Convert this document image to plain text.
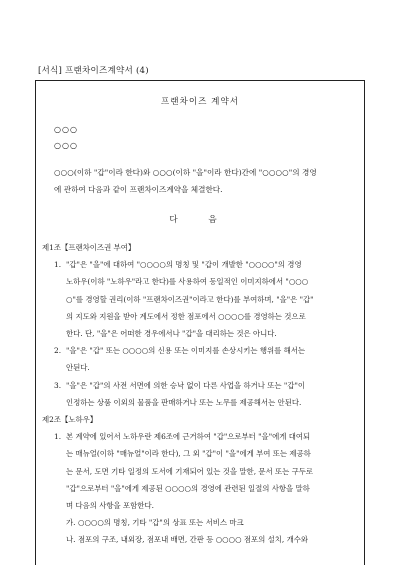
[서식] 프랜차이즈계약서 (4)
프랜차이즈 계약서
○○○
○○○
○○○(이하 "갑"이라 한다)와 ○○○(이하 "을"이라 한다)간에 "○○○○"의 경영
에 관하여 다음과 같이 프랜차이즈계약을 체결한다.
다 음
제1조【프랜차이즈권 부여】
1. "갑"은 "을"에 대하여 "○○○○의 명칭 및 "갑이 개발한 "○○○○"의 경영
노하우(이하 "노하우"라고 한다)를 사용하여 동일적인 이미지하에서 "○○○
○"를 경영할 권리(이하 "프랜차이즈권"이라고 한다)를 부여하며, "을"은 "갑"
의 지도와 지원을 받아 계도에서 정한 점포에서 ○○○○를 경영하는 것으로
한다. 단, "을"은 어떠한 경우에서나 "갑"을 대리하는 것은 아니다.
2. "을"은 "갑" 또는 ○○○○의 신용 또는 이미지를 손상시키는 행위를 해서는
안된다.
3. "을"은 "갑"의 사전 서면에 의한 승낙 없이 다른 사업을 하거나 또는 "갑"이
인정하는 상품 이외의 물품을 판매하거나 또는 노무를 제공해서는 안된다.
제2조【노하우】
1. 본 계약에 있어서 노하우란 제6조에 근거하여 "갑"으로부터 "을"에게 대여되
는 매뉴얼(이하 "매뉴얼"이라 한다), 그 외 "갑"이 "을"에게 부여 또는 제공하
는 문서, 도면 기타 일정의 도서에 기재되어 있는 것을 말한, 문서 또는 구두로
"갑"으로부터 "을"에게 제공된 ○○○○의 경영에 관련된 일절의 사항을 말하
며 다음의 사항을 포함한다.
가. ○○○○의 명칭, 기타 "갑"의 상표 또는 서비스 마크
나. 점포의 구조, 내외장, 점포내 배면, 간판 등 ○○○○ 점포의 설치, 개수와
